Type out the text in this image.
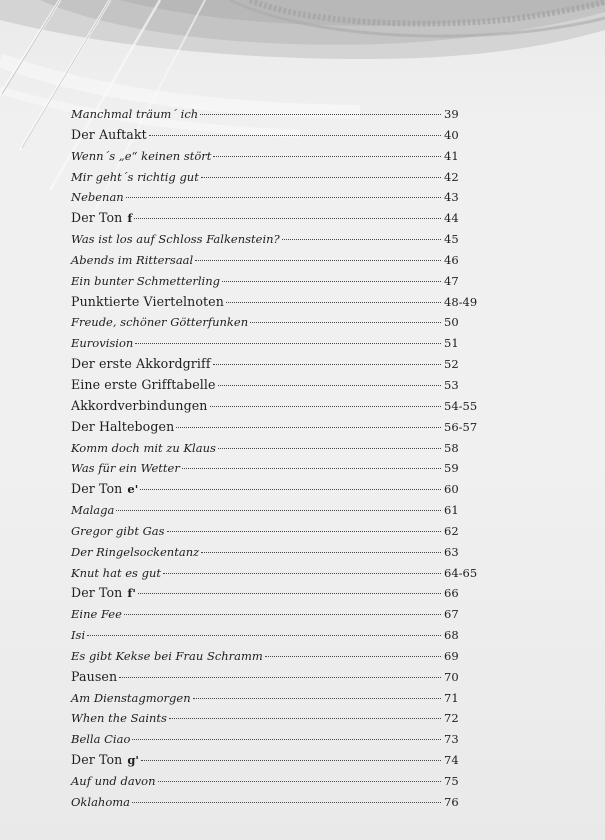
Manchmal träum´ ich	39
Der Auftakt	40
Wenn´s „e“ keinen stört	41
Mir geht´s richtig gut	42
Nebenan	43
Der Ton f	44
Was ist los auf Schloss Falkenstein?	45
Abends im Rittersaal	46
Ein bunter Schmetterling	47
Punktierte Viertelnoten	48-49
Freude, schöner Götterfunken	50
Eurovision	51
Der erste Akkordgriff	52
Eine erste Grifftabelle	53
Akkordverbindungen	54-55
Der Haltebogen	56-57
Komm doch mit zu Klaus	58
Was für ein Wetter	59
Der Ton e'	60
Malaga	61
Gregor gibt Gas	62
Der Ringelsockentanz	63
Knut hat es gut	64-65
Der Ton f'	66
Eine Fee	67
Isi	68
Es gibt Kekse bei Frau Schramm	69
Pausen	70
Am Dienstagmorgen	71
When the Saints	72
Bella Ciao	73
Der Ton g'	74
Auf und davon	75
Oklahoma	76
